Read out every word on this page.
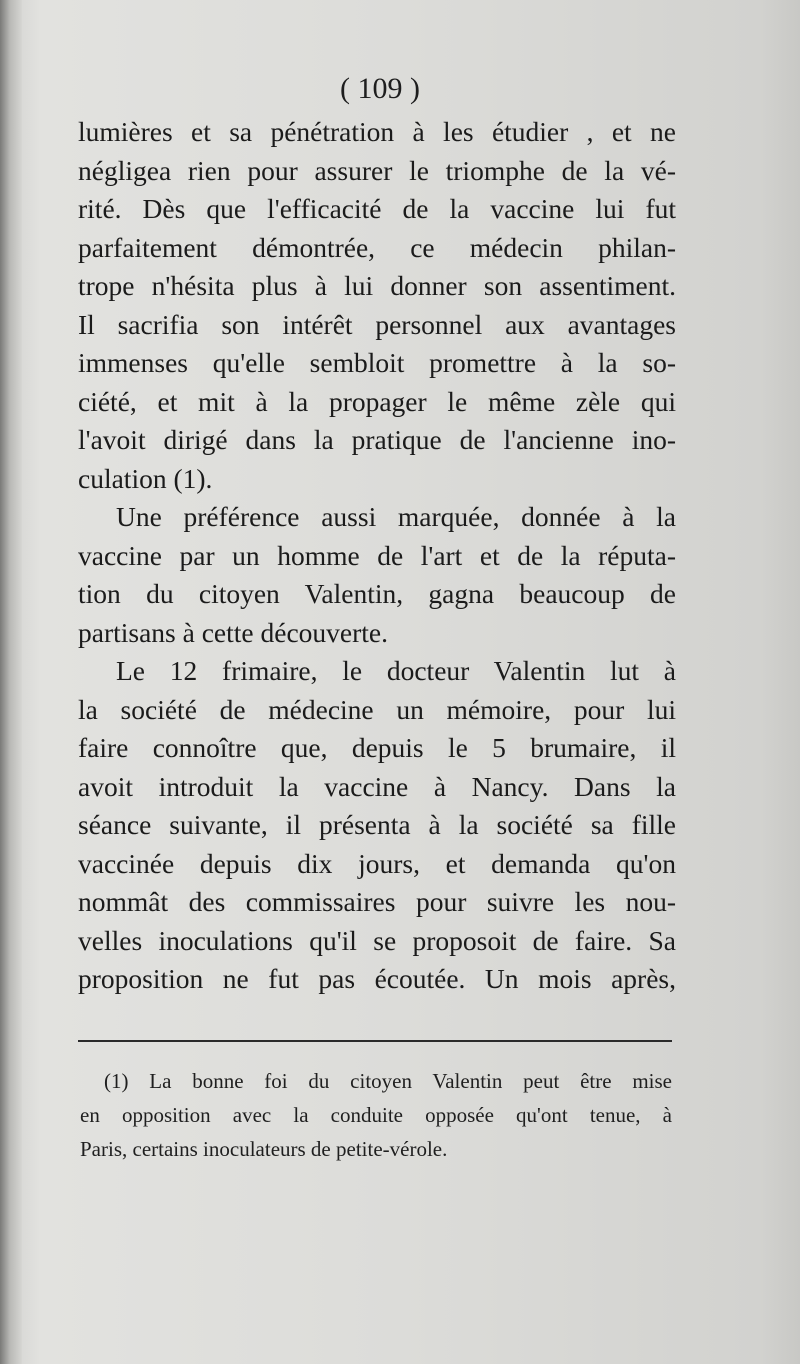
( 109 )
lumières et sa pénétration à les étudier , et ne
négligea rien pour assurer le triomphe de la vé-
rité. Dès que l'efficacité de la vaccine lui fut
parfaitement démontrée, ce médecin philan-
trope n'hésita plus à lui donner son assentiment.
Il sacrifia son intérêt personnel aux avantages
immenses qu'elle sembloit promettre à la so-
ciété, et mit à la propager le même zèle qui
l'avoit dirigé dans la pratique de l'ancienne ino-
culation (1).
Une préférence aussi marquée, donnée à la
vaccine par un homme de l'art et de la réputa-
tion du citoyen Valentin, gagna beaucoup de
partisans à cette découverte.
Le 12 frimaire, le docteur Valentin lut à
la société de médecine un mémoire, pour lui
faire connoître que, depuis le 5 brumaire, il
avoit introduit la vaccine à Nancy. Dans la
séance suivante, il présenta à la société sa fille
vaccinée depuis dix jours, et demanda qu'on
nommât des commissaires pour suivre les nou-
velles inoculations qu'il se proposoit de faire. Sa
proposition ne fut pas écoutée. Un mois après,
(1) La bonne foi du citoyen Valentin peut être mise
en opposition avec la conduite opposée qu'ont tenue, à
Paris, certains inoculateurs de petite-vérole.
